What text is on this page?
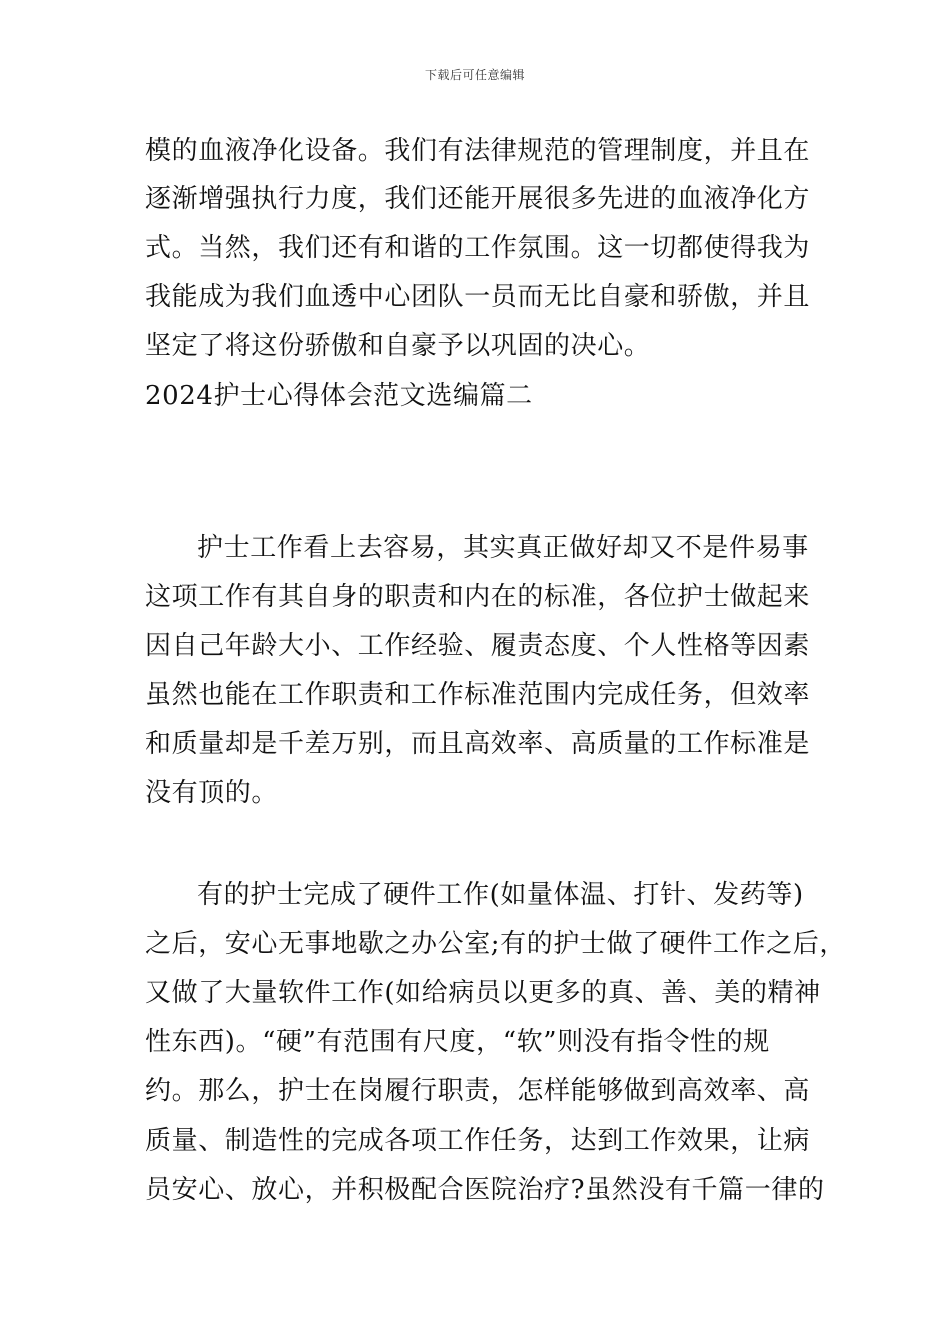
下载后可任意编辑
模的血液净化设备。我们有法律规范的管理制度，并且在
逐渐增强执行力度，我们还能开展很多先进的血液净化方
式。当然，我们还有和谐的工作氛围。这一切都使得我为
我能成为我们血透中心团队一员而无比自豪和骄傲，并且
坚定了将这份骄傲和自豪予以巩固的决心。
2024护士心得体会范文选编篇二
护士工作看上去容易，其实真正做好却又不是件易事
这项工作有其自身的职责和内在的标准，各位护士做起来
因自己年龄大小、工作经验、履责态度、个人性格等因素
虽然也能在工作职责和工作标准范围内完成任务，但效率
和质量却是千差万别，而且高效率、高质量的工作标准是
没有顶的。
有的护士完成了硬件工作(如量体温、打针、发药等)
之后，安心无事地歇之办公室;有的护士做了硬件工作之后，
又做了大量软件工作(如给病员以更多的真、善、美的精神
性东西)。“硬”有范围有尺度，“软”则没有指令性的规
约。那么，护士在岗履行职责，怎样能够做到高效率、高
质量、制造性的完成各项工作任务，达到工作效果，让病
员安心、放心，并积极配合医院治疗?虽然没有千篇一律的
